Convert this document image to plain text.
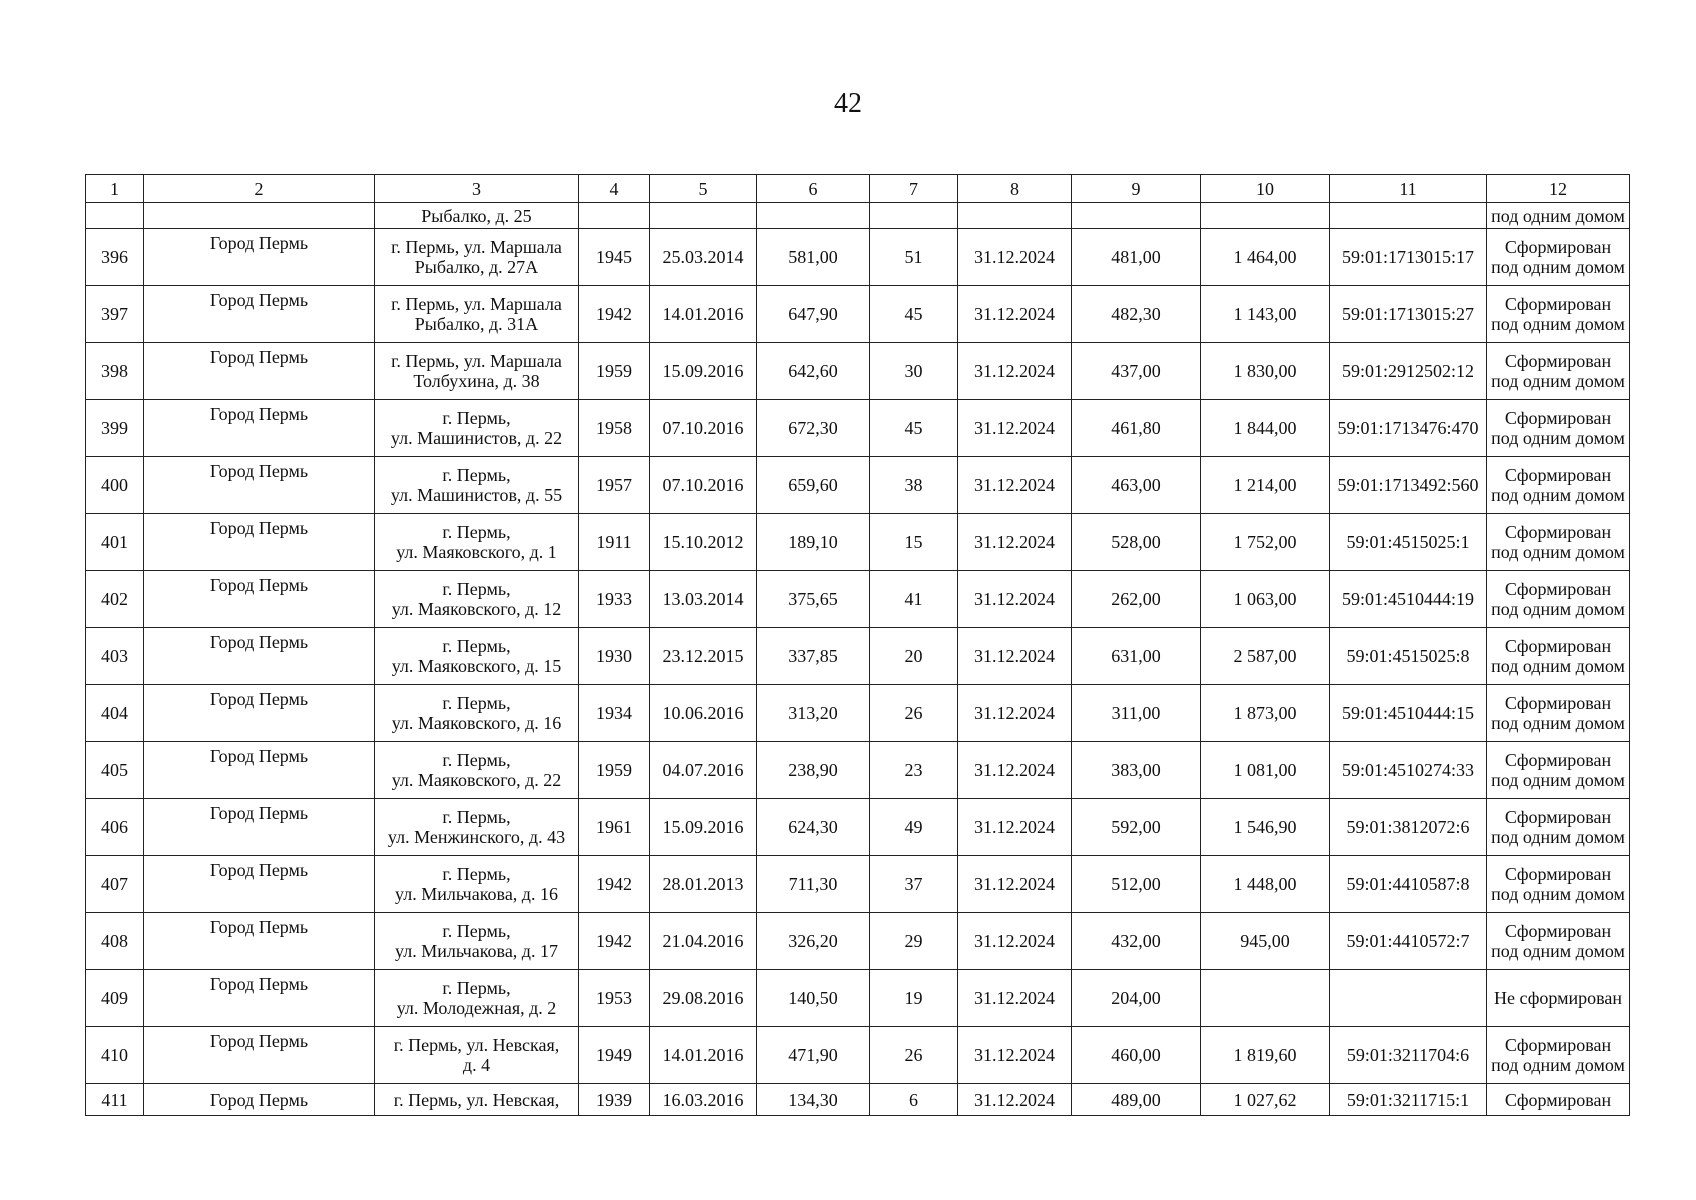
42
1	2	3	4	5	6	7	8	9	10	11	12
		Рыбалко, д. 25									под одним домом
396	Город Пермь	г. Пермь, ул. Маршала
Рыбалко, д. 27А	1945	25.03.2014	581,00	51	31.12.2024	481,00	1 464,00	59:01:1713015:17	Сформирован
под одним домом

397	Город Пермь	г. Пермь, ул. Маршала
Рыбалко, д. 31А	1942	14.01.2016	647,90	45	31.12.2024	482,30	1 143,00	59:01:1713015:27	Сформирован
под одним домом

398	Город Пермь	г. Пермь, ул. Маршала
Толбухина, д. 38	1959	15.09.2016	642,60	30	31.12.2024	437,00	1 830,00	59:01:2912502:12	Сформирован
под одним домом

399	Город Пермь	г. Пермь,
ул. Машинистов, д. 22	1958	07.10.2016	672,30	45	31.12.2024	461,80	1 844,00	59:01:1713476:470	Сформирован
под одним домом

400	Город Пермь	г. Пермь,
ул. Машинистов, д. 55	1957	07.10.2016	659,60	38	31.12.2024	463,00	1 214,00	59:01:1713492:560	Сформирован
под одним домом

401	Город Пермь	г. Пермь,
ул. Маяковского, д. 1	1911	15.10.2012	189,10	15	31.12.2024	528,00	1 752,00	59:01:4515025:1	Сформирован
под одним домом

402	Город Пермь	г. Пермь,
ул. Маяковского, д. 12	1933	13.03.2014	375,65	41	31.12.2024	262,00	1 063,00	59:01:4510444:19	Сформирован
под одним домом

403	Город Пермь	г. Пермь,
ул. Маяковского, д. 15	1930	23.12.2015	337,85	20	31.12.2024	631,00	2 587,00	59:01:4515025:8	Сформирован
под одним домом

404	Город Пермь	г. Пермь,
ул. Маяковского, д. 16	1934	10.06.2016	313,20	26	31.12.2024	311,00	1 873,00	59:01:4510444:15	Сформирован
под одним домом

405	Город Пермь	г. Пермь,
ул. Маяковского, д. 22	1959	04.07.2016	238,90	23	31.12.2024	383,00	1 081,00	59:01:4510274:33	Сформирован
под одним домом

406	Город Пермь	г. Пермь,
ул. Менжинского, д. 43	1961	15.09.2016	624,30	49	31.12.2024	592,00	1 546,90	59:01:3812072:6	Сформирован
под одним домом

407	Город Пермь	г. Пермь,
ул. Мильчакова, д. 16	1942	28.01.2013	711,30	37	31.12.2024	512,00	1 448,00	59:01:4410587:8	Сформирован
под одним домом

408	Город Пермь	г. Пермь,
ул. Мильчакова, д. 17	1942	21.04.2016	326,20	29	31.12.2024	432,00	945,00	59:01:4410572:7	Сформирован
под одним домом

409	Город Пермь	г. Пермь,
ул. Молодежная, д. 2	1953	29.08.2016	140,50	19	31.12.2024	204,00			Не сформирован

410	Город Пермь	г. Пермь, ул. Невская,
д. 4	1949	14.01.2016	471,90	26	31.12.2024	460,00	1 819,60	59:01:3211704:6	Сформирован
под одним домом

411	Город Пермь	г. Пермь, ул. Невская,	1939	16.03.2016	134,30	6	31.12.2024	489,00	1 027,62	59:01:3211715:1	Сформирован
